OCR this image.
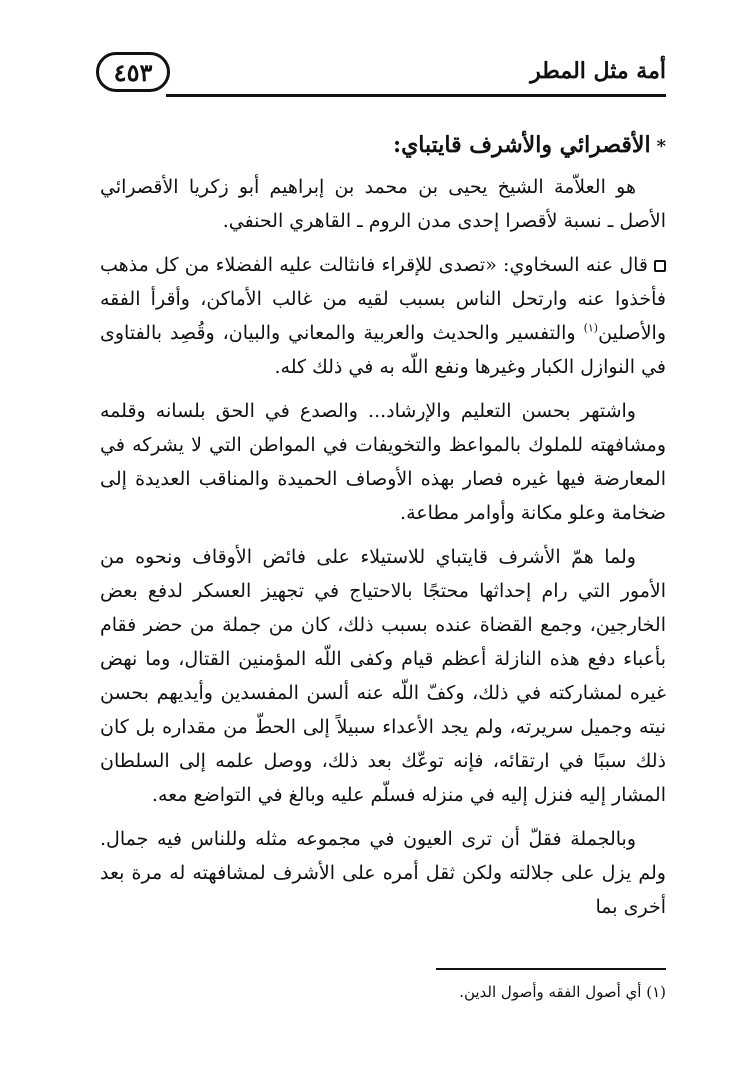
أمة مثل المطر
٤٥٣
*الأقصرائي والأشرف قايتباي:

هو العلاّمة الشيخ يحيى بن محمد بن إبراهيم أبو زكريا الأقصرائي الأصل ـ نسبة لأقصرا إحدى مدن الروم ـ القاهري الحنفي.

قال عنه السخاوي: «تصدى للإقراء فانثالت عليه الفضلاء من كل مذهب فأخذوا عنه وارتحل الناس بسبب لقيه من غالب الأماكن، وأقرأ الفقه والأصلين$^{(١)}$ والتفسير والحديث والعربية والمعاني والبيان، وقُصِد بالفتاوى في النوازل الكبار وغيرها ونفع اللّه به في ذلك كله.

واشتهر بحسن التعليم والإرشاد... والصدع في الحق بلسانه وقلمه ومشافهته للملوك بالمواعظ والتخويفات في المواطن التي لا يشركه في المعارضة فيها غيره فصار بهذه الأوصاف الحميدة والمناقب العديدة إلى ضخامة وعلو مكانة وأوامر مطاعة.

ولما همّ الأشرف قايتباي للاستيلاء على فائض الأوقاف ونحوه من الأمور التي رام إحداثها محتجًا بالاحتياج في تجهيز العسكر لدفع بعض الخارجين، وجمع القضاة عنده بسبب ذلك، كان من جملة من حضر فقام بأعباء دفع هذه النازلة أعظم قيام وكفى اللّه المؤمنين القتال، وما نهض غيره لمشاركته في ذلك، وكفّ اللّه عنه ألسن المفسدين وأيديهم بحسن نيته وجميل سريرته، ولم يجد الأعداء سبيلاً إلى الحطّ من مقداره بل كان ذلك سببًا في ارتقائه، فإنه توعّك بعد ذلك، ووصل علمه إلى السلطان المشار إليه فنزل إليه في منزله فسلّم عليه وبالغ في التواضع معه.

وبالجملة فقلّ أن ترى العيون في مجموعه مثله وللناس فيه جمال. ولم يزل على جلالته ولكن ثقل أمره على الأشرف لمشافهته له مرة بعد أخرى بما

(١) أي أصول الفقه وأصول الدين.
